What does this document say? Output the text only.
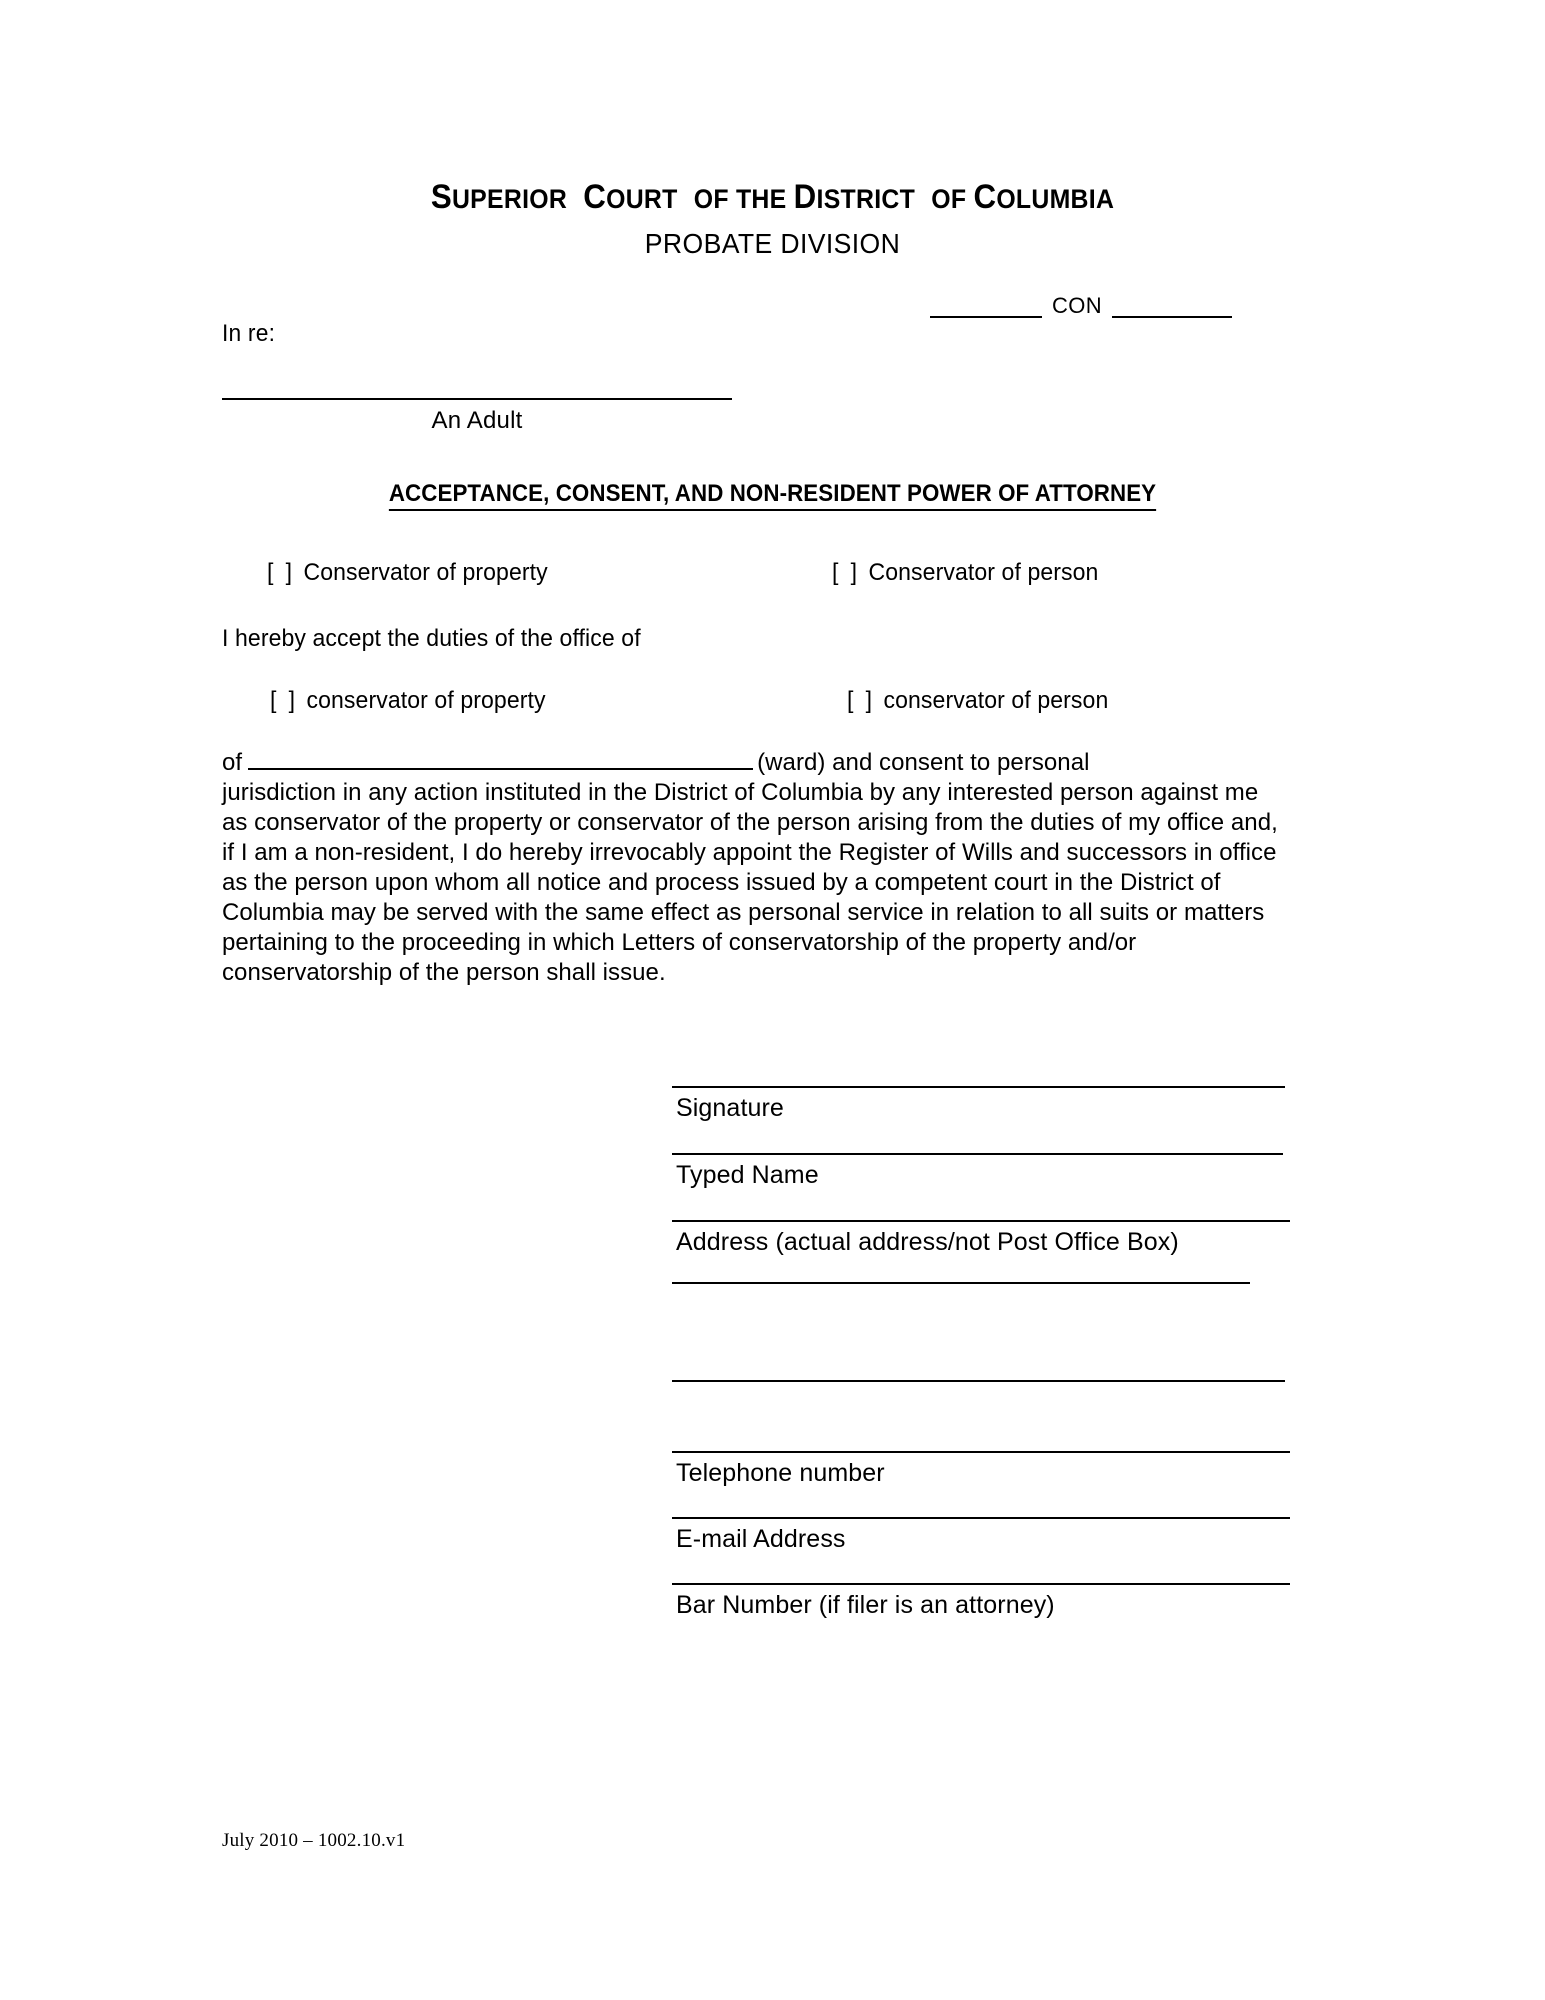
SUPERIOR COURT  OF THE DISTRICT  OF COLUMBIA
PROBATE DIVISION
CON
In re:
An Adult
ACCEPTANCE, CONSENT, AND NON-RESIDENT POWER OF ATTORNEY
[ ] Conservator of property	[ ] Conservator of person
I hereby accept the duties of the office of
[ ] conservator of property	[ ] conservator of person

of	(ward) and consent to personal
jurisdiction in any action instituted in the District of Columbia by any interested person against me as conservator of the property or conservator of the person arising from the duties of my office and, if I am a non-resident, I do hereby irrevocably appoint the Register of Wills and successors in office as the person upon whom all notice and process issued by a competent court in the District of Columbia may be served with the same effect as personal service in relation to all suits or matters pertaining to the proceeding in which Letters of conservatorship of the property and/or conservatorship of the person shall issue.

Signature
Typed Name
Address (actual address/not Post Office Box)
Telephone number
E-mail Address
Bar Number (if filer is an attorney)
July 2010 – 1002.10.v1
